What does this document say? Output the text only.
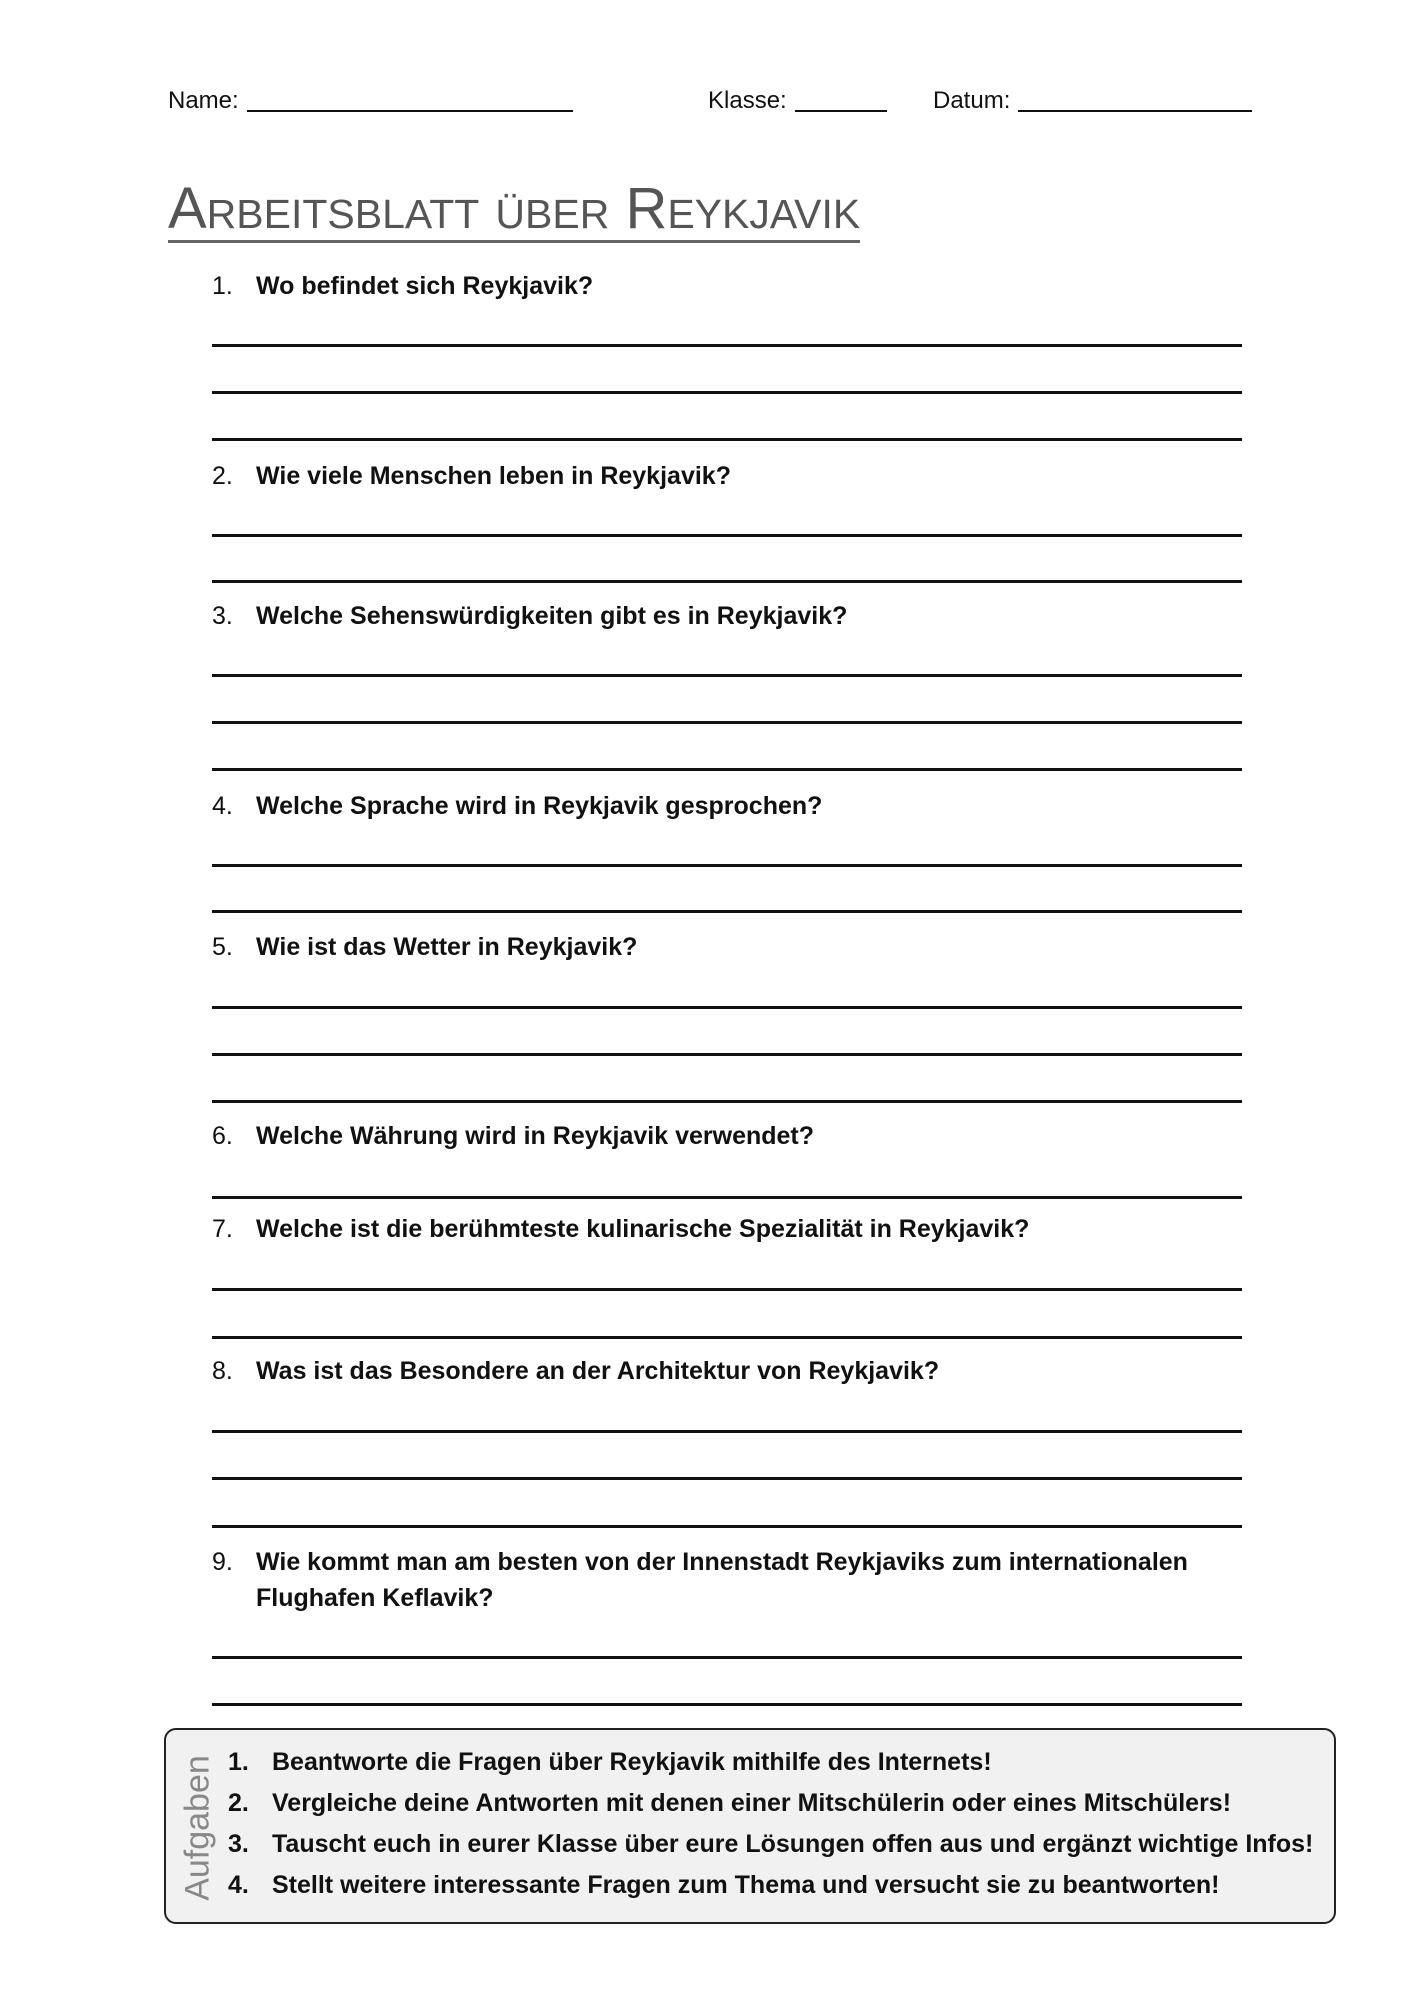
Name:	Klasse:	Datum:
Arbeitsblatt über Reykjavik
1. Wo befindet sich Reykjavik?
2. Wie viele Menschen leben in Reykjavik?
3. Welche Sehenswürdigkeiten gibt es in Reykjavik?
4. Welche Sprache wird in Reykjavik gesprochen?
5. Wie ist das Wetter in Reykjavik?
6. Welche Währung wird in Reykjavik verwendet?
7. Welche ist die berühmteste kulinarische Spezialität in Reykjavik?
8. Was ist das Besondere an der Architektur von Reykjavik?
9. Wie kommt man am besten von der Innenstadt Reykjaviks zum internationalen Flughafen Keflavik?
Aufgaben 1. Beantworte die Fragen über Reykjavik mithilfe des Internets!
2. Vergleiche deine Antworten mit denen einer Mitschülerin oder eines Mitschülers!
3. Tauscht euch in eurer Klasse über eure Lösungen offen aus und ergänzt wichtige Infos!
4. Stellt weitere interessante Fragen zum Thema und versucht sie zu beantworten!
